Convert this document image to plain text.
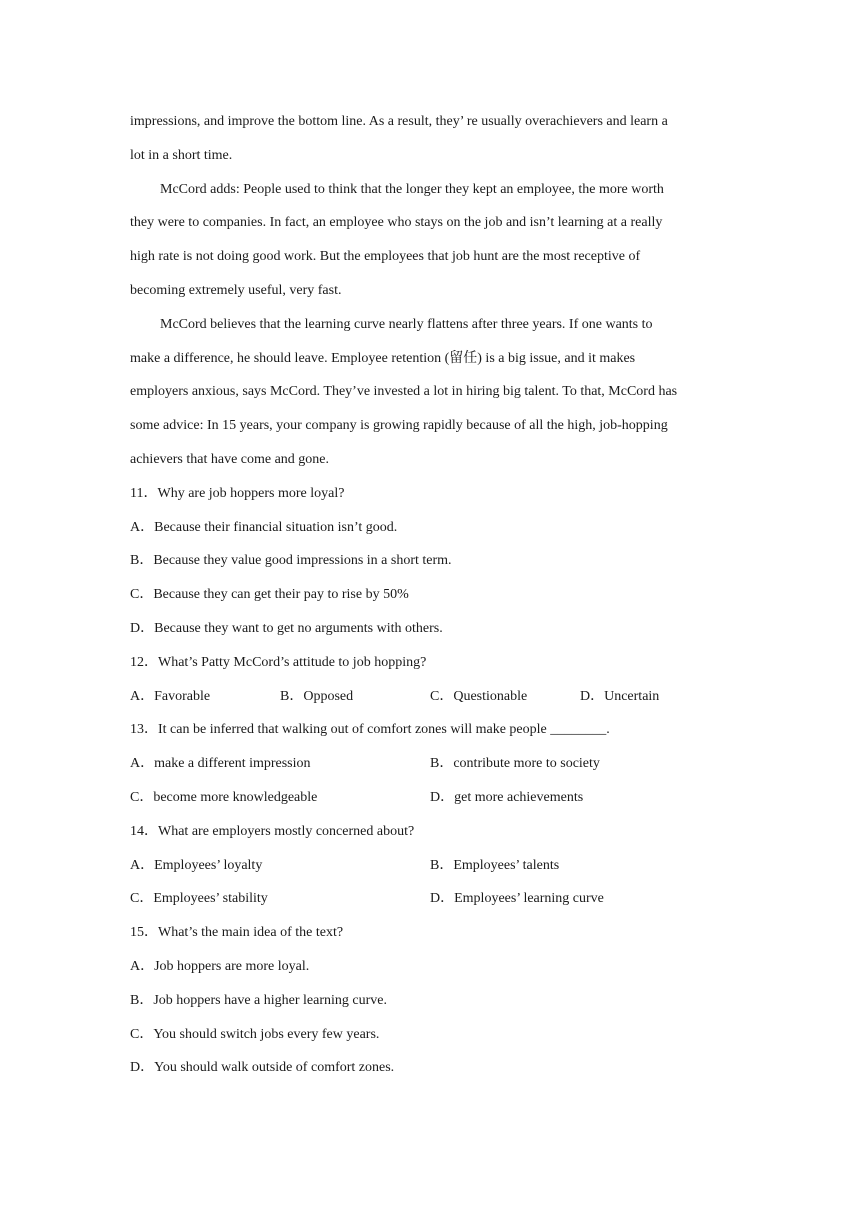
impressions, and improve the bottom line. As a result, they’ re usually overachievers and learn a
lot in a short time.
McCord adds: People used to think that the longer they kept an employee, the more worth
they were to companies. In fact, an employee who stays on the job and isn’t learning at a really
high rate is not doing good work. But the employees that job hunt are the most receptive of
becoming extremely useful, very fast.
McCord believes that the learning curve nearly flattens after three years. If one wants to
make a difference, he should leave. Employee retention (留任) is a big issue, and it makes
employers anxious, says McCord. They’ve invested a lot in hiring big talent. To that, McCord has
some advice: In 15 years, your company is growing rapidly because of all the high, job-hopping
achievers that have come and gone.
11．Why are job hoppers more loyal?
A．Because their financial situation isn’t good.
B．Because they value good impressions in a short term.
C．Because they can get their pay to rise by 50%
D．Because they want to get no arguments with others.
12．What’s Patty McCord’s attitude to job hopping?
A．Favorable	B．Opposed	C．Questionable	D．Uncertain
13．It can be inferred that walking out of comfort zones will make people ________.
A．make a different impression	B．contribute more to society
C．become more knowledgeable	D．get more achievements
14．What are employers mostly concerned about?
A．Employees’ loyalty	B．Employees’ talents
C．Employees’ stability	D．Employees’ learning curve
15．What’s the main idea of the text?
A．Job hoppers are more loyal.
B．Job hoppers have a higher learning curve.
C．You should switch jobs every few years.
D．You should walk outside of comfort zones.
